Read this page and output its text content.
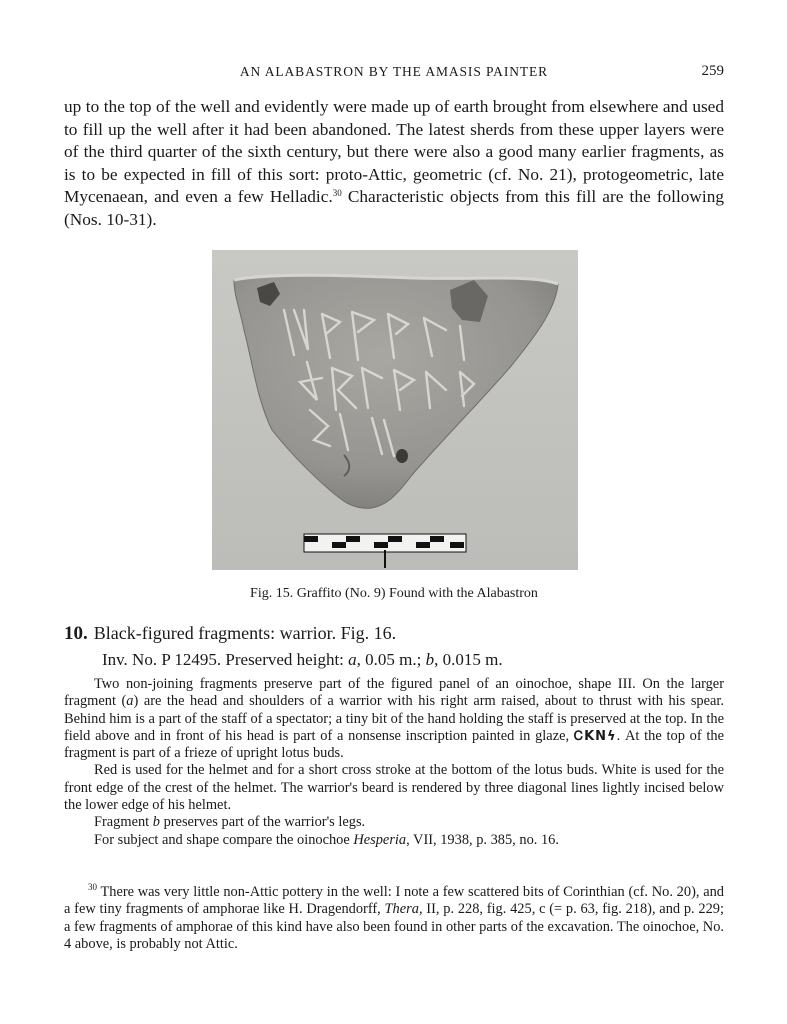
AN ALABASTRON BY THE AMASIS PAINTER	259

up to the top of the well and evidently were made up of earth brought from elsewhere and used to fill up the well after it had been abandoned. The latest sherds from these upper layers were of the third quarter of the sixth century, but there were also a good many earlier fragments, as is to be expected in fill of this sort: proto-Attic, geometric (cf. No. 21), protogeometric, late Mycenaean, and even a few Helladic.$^{30}$ Characteristic objects from this fill are the following (Nos. 10-31).

Fig. 15. Graffito (No. 9) Found with the Alabastron
10. Black-figured fragments: warrior. Fig. 16.

Inv. No. P 12495. Preserved height: a, 0.05 m.; b, 0.015 m.

Two non-joining fragments preserve part of the figured panel of an oinochoe, shape III. On the larger fragment (a) are the head and shoulders of a warrior with his right arm raised, about to thrust with his spear. Behind him is a part of the staff of a spectator; a tiny bit of the hand holding the staff is preserved at the top. In the field above and in front of his head is part of a nonsense inscription painted in glaze, ᏟKNϟ. At the top of the fragment is part of a frieze of upright lotus buds.

Red is used for the helmet and for a short cross stroke at the bottom of the lotus buds. White is used for the front edge of the crest of the helmet. The warrior's beard is rendered by three diagonal lines lightly incised below the lower edge of his helmet.

Fragment b preserves part of the warrior's legs.

For subject and shape compare the oinochoe Hesperia, VII, 1938, p. 385, no. 16.

$^{30}$ There was very little non-Attic pottery in the well: I note a few scattered bits of Corinthian (cf. No. 20), and a few tiny fragments of amphorae like H. Dragendorff, Thera, II, p. 228, fig. 425, c (= p. 63, fig. 218), and p. 229; a few fragments of amphorae of this kind have also been found in other parts of the excavation. The oinochoe, No. 4 above, is probably not Attic.
